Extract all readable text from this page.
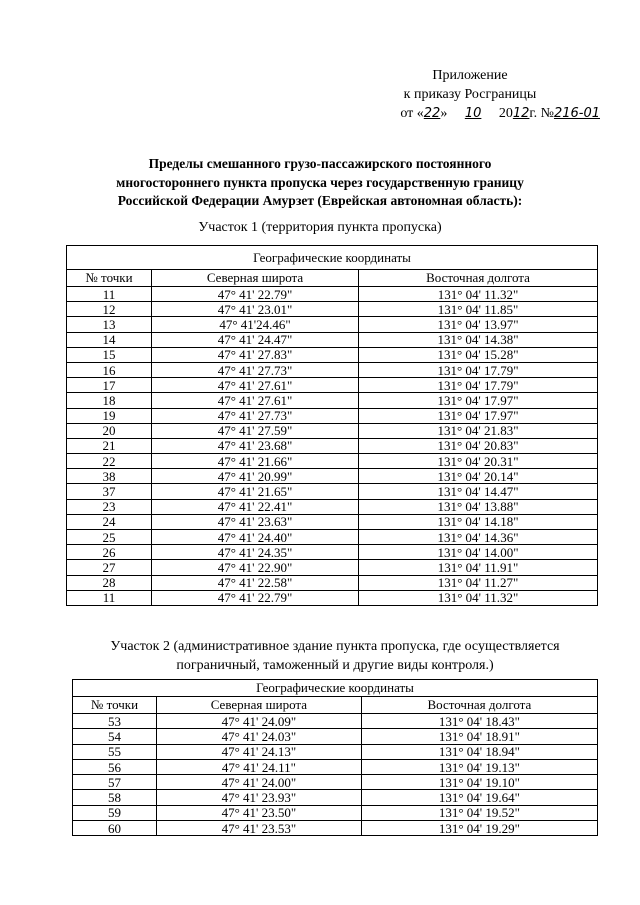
Приложение
к приказу Росграницы
от «22» 10 2012г. №216-01
Пределы смешанного грузо-пассажирского постоянного
многостороннего пункта пропуска через государственную границу
Российской Федерации Амурзет (Еврейская автономная область):
Участок 1 (территория пункта пропуска)
Географические координаты		
№ точки	Северная широта	Восточная долгота
11	47° 41' 22.79"	131° 04' 11.32"
12	47° 41' 23.01"	131° 04' 11.85"
13	47° 41'24.46"	131° 04' 13.97"
14	47° 41' 24.47"	131° 04' 14.38"
15	47° 41' 27.83"	131° 04' 15.28"
16	47° 41' 27.73"	131° 04' 17.79"
17	47° 41' 27.61"	131° 04' 17.79"
18	47° 41' 27.61"	131° 04' 17.97"
19	47° 41' 27.73"	131° 04' 17.97"
20	47° 41' 27.59"	131° 04' 21.83"
21	47° 41' 23.68"	131° 04' 20.83"
22	47° 41' 21.66"	131° 04' 20.31"
38	47° 41' 20.99"	131° 04' 20.14"
37	47° 41' 21.65"	131° 04' 14.47"
23	47° 41' 22.41"	131° 04' 13.88"
24	47° 41' 23.63"	131° 04' 14.18"
25	47° 41' 24.40"	131° 04' 14.36"
26	47° 41' 24.35"	131° 04' 14.00"
27	47° 41' 22.90"	131° 04' 11.91"
28	47° 41' 22.58"	131° 04' 11.27"
11	47° 41' 22.79"	131° 04' 11.32"
Участок 2 (административное здание пункта пропуска, где осуществляется
пограничный, таможенный и другие виды контроля.)
Географические координаты		
№ точки	Северная широта	Восточная долгота
53	47° 41' 24.09"	131° 04' 18.43"
54	47° 41' 24.03"	131° 04' 18.91"
55	47° 41' 24.13"	131° 04' 18.94"
56	47° 41' 24.11"	131° 04' 19.13"
57	47° 41' 24.00"	131° 04' 19.10"
58	47° 41' 23.93"	131° 04' 19.64"
59	47° 41' 23.50"	131° 04' 19.52"
60	47° 41' 23.53"	131° 04' 19.29"
